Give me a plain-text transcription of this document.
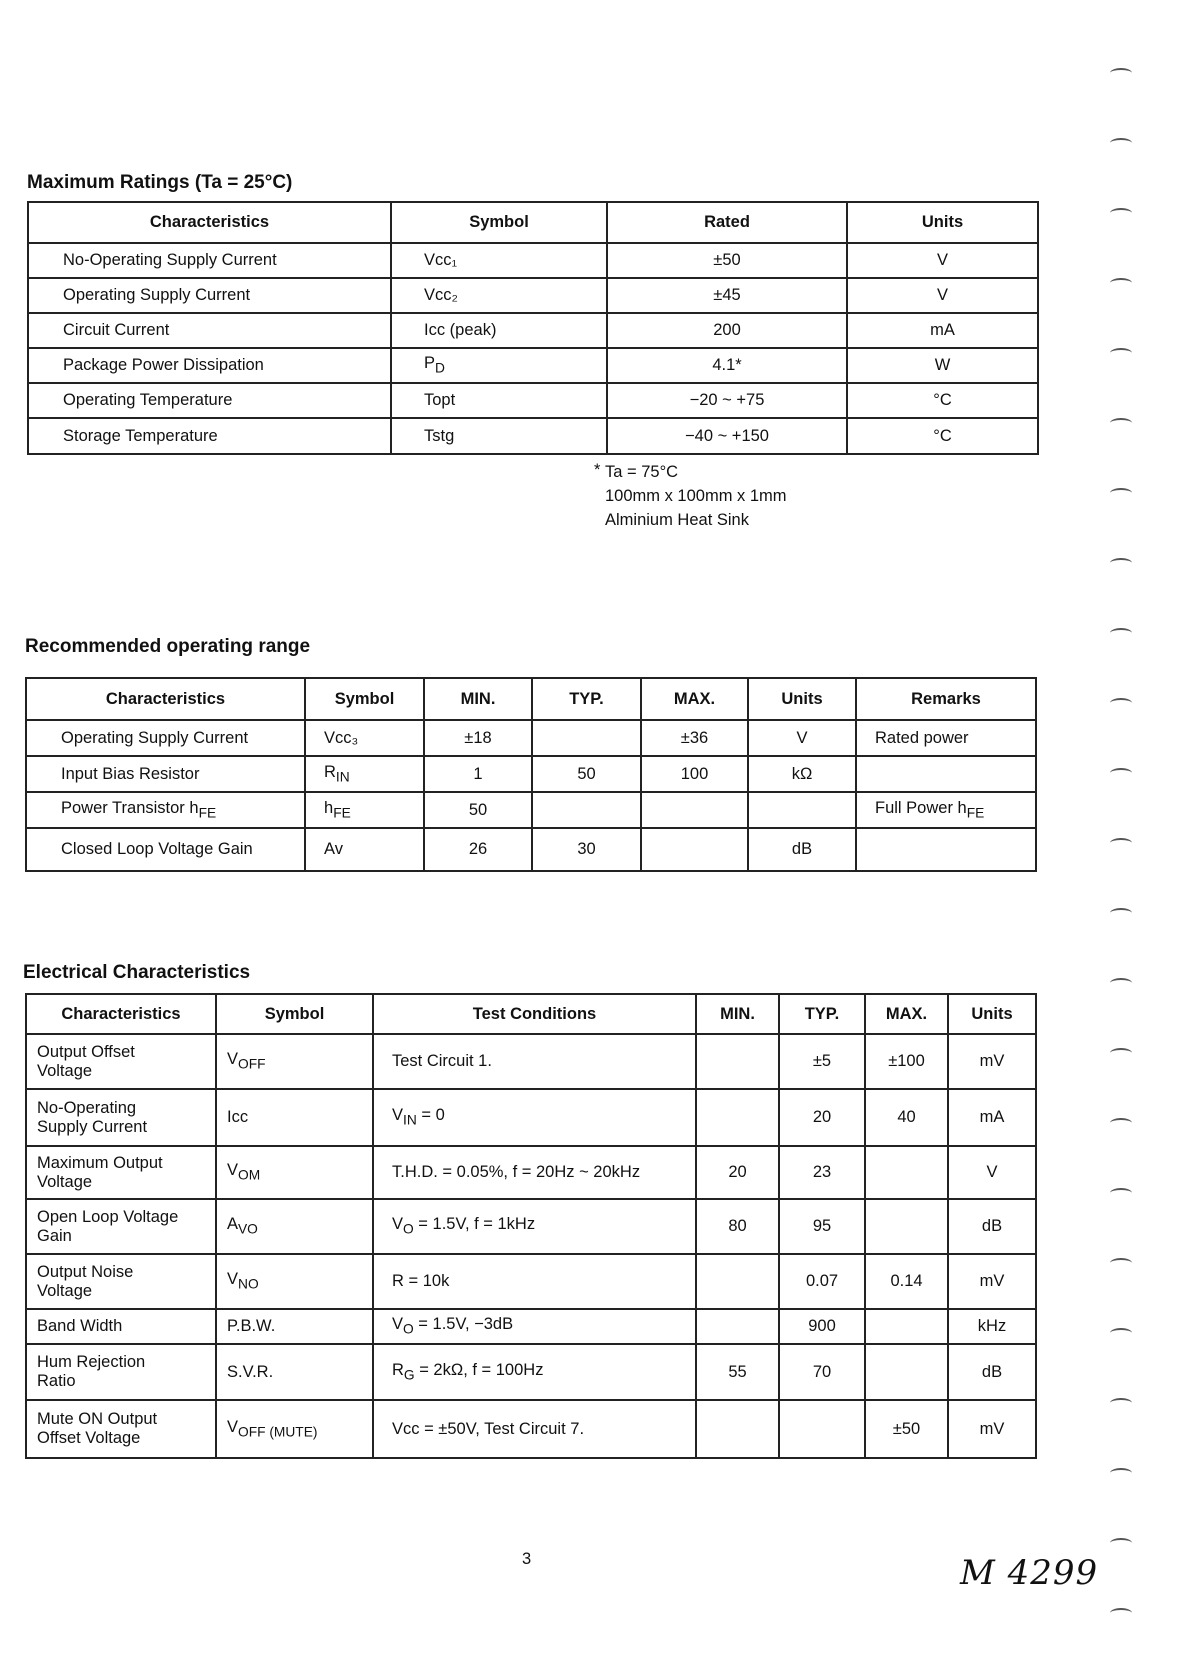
Maximum Ratings (Ta = 25°C)
Characteristics	Symbol	Rated	Units
No-Operating Supply Current	Vcc₁	±50	V
Operating Supply Current	Vcc₂	±45	V
Circuit Current	Icc (peak)	200	mA
Package Power Dissipation	$P_D$	4.1*	W
Operating Temperature	Topt	−20 ~ +75	°C
Storage Temperature	Tstg	−40 ~ +150	°C
* Ta = 75°C
100mm x 100mm x 1mm
Alminium Heat Sink
Recommended operating range
Characteristics	Symbol	MIN.	TYP.	MAX.	Units	Remarks
Operating Supply Current	Vcc₃	±18		±36	V	Rated power
Input Bias Resistor	$R_{IN}$	1	50	100	kΩ	
Power Transistor $h_{FE}$	$h_{FE}$	50				Full Power $h_{FE}$
Closed Loop Voltage Gain	Av	26	30		dB	
Electrical Characteristics
Characteristics	Symbol	Test Conditions	MIN.	TYP.	MAX.	Units

Output Offset
Voltage	$V_{OFF}$	Test Circuit 1.		±5	±100	mV

No-Operating
Supply Current	Icc	$V_{IN} = 0$		20	40	mA

Maximum Output
Voltage	$V_{OM}$	T.H.D. = 0.05%, f = 20Hz ~ 20kHz	20	23		V

Open Loop Voltage
Gain	$A_{VO}$	$V_O = 1.5V$, f = 1kHz	80	95		dB

Output Noise
Voltage	$V_{NO}$	R = 10k		0.07	0.14	mV

Band Width	P.B.W.	$V_O = 1.5V$, −3dB		900		kHz

Hum Rejection
Ratio	S.V.R.	$R_G = 2k\Omega$, f = 100Hz	55	70		dB

Mute ON Output
Offset Voltage	$V_{OFF (MUTE)}$	Vcc = ±50V, Test Circuit 7.			±50	mV
3	M 4299
